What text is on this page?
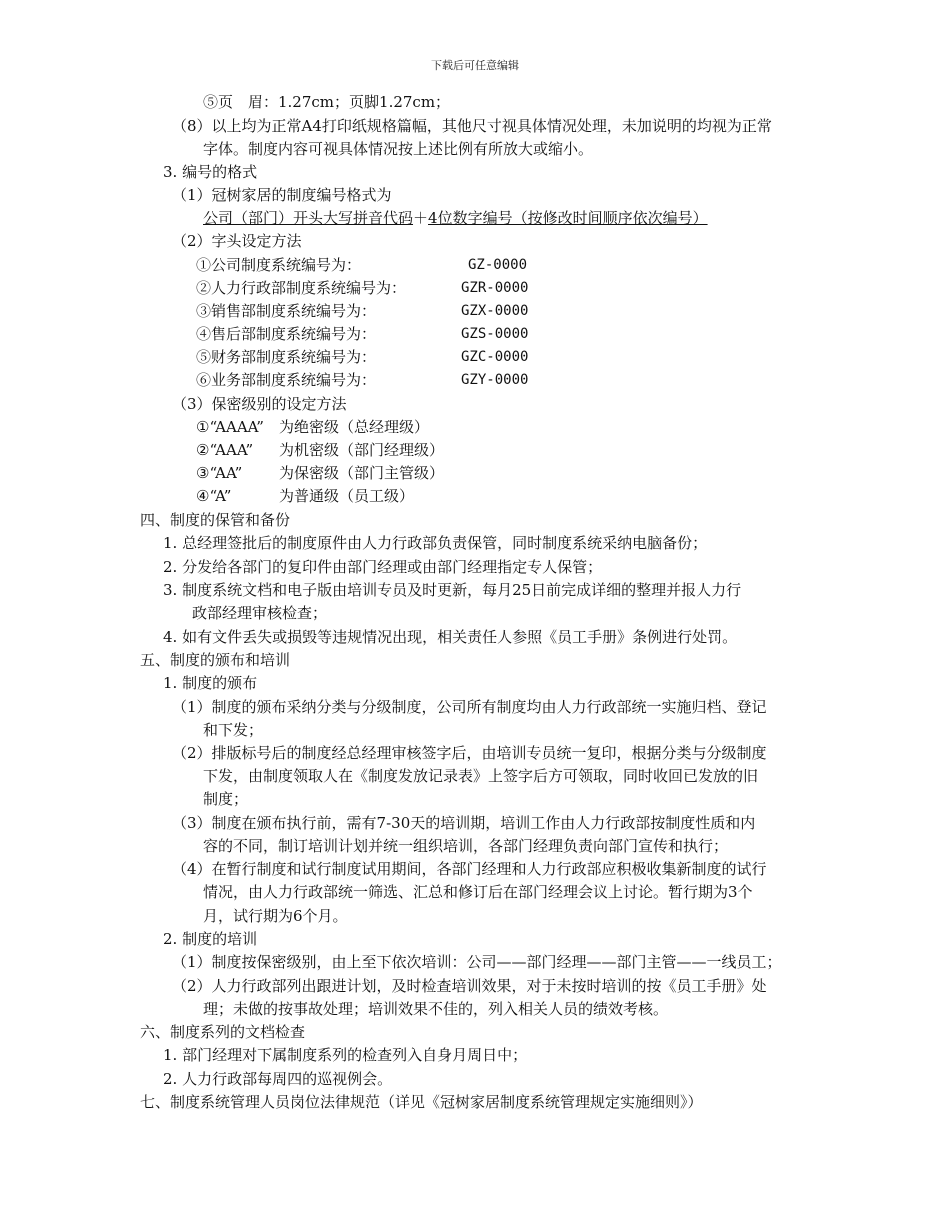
下载后可任意编辑
⑤页　眉：1.27cm；页脚1.27cm；
（8）以上均为正常A4打印纸规格篇幅，其他尺寸视具体情况处理，未加说明的均视为正常
字体。制度内容可视具体情况按上述比例有所放大或缩小。
3. 编号的格式
（1）冠树家居的制度编号格式为
公司（部门）开头大写拼音代码＋4位数字编号（按修改时间顺序依次编号）
（2）字头设定方法
①公司制度系统编号为：	GZ-0000
②人力行政部制度系统编号为：	GZR-0000
③销售部制度系统编号为：	GZX-0000
④售后部制度系统编号为：	GZS-0000
⑤财务部制度系统编号为：	GZC-0000
⑥业务部制度系统编号为：	GZY-0000
（3）保密级别的设定方法
①“AAAA” 为绝密级（总经理级）
②“AAA” 为机密级（部门经理级）
③“AA” 为保密级（部门主管级）
④“A”	为普通级（员工级）
四、制度的保管和备份
1. 总经理签批后的制度原件由人力行政部负责保管，同时制度系统采纳电脑备份；
2. 分发给各部门的复印件由部门经理或由部门经理指定专人保管；
3. 制度系统文档和电子版由培训专员及时更新，每月25日前完成详细的整理并报人力行
政部经理审核检查；
4. 如有文件丢失或损毁等违规情况出现，相关责任人参照《员工手册》条例进行处罚。
五、制度的颁布和培训
1. 制度的颁布
（1）制度的颁布采纳分类与分级制度，公司所有制度均由人力行政部统一实施归档、登记
和下发；
（2）排版标号后的制度经总经理审核签字后，由培训专员统一复印，根据分类与分级制度
下发，由制度领取人在《制度发放记录表》上签字后方可领取，同时收回已发放的旧
制度；
（3）制度在颁布执行前，需有7-30天的培训期，培训工作由人力行政部按制度性质和内
容的不同，制订培训计划并统一组织培训，各部门经理负责向部门宣传和执行；
（4）在暂行制度和试行制度试用期间，各部门经理和人力行政部应积极收集新制度的试行
情况，由人力行政部统一筛选、汇总和修订后在部门经理会议上讨论。暂行期为3个
月，试行期为6个月。
2. 制度的培训
（1）制度按保密级别，由上至下依次培训：公司——部门经理——部门主管——一线员工；
（2）人力行政部列出跟进计划，及时检查培训效果，对于未按时培训的按《员工手册》处
理；未做的按事故处理；培训效果不佳的，列入相关人员的绩效考核。
六、制度系列的文档检查
1. 部门经理对下属制度系列的检查列入自身月周日中；
2. 人力行政部每周四的巡视例会。
七、制度系统管理人员岗位法律规范（详见《冠树家居制度系统管理规定实施细则》）
